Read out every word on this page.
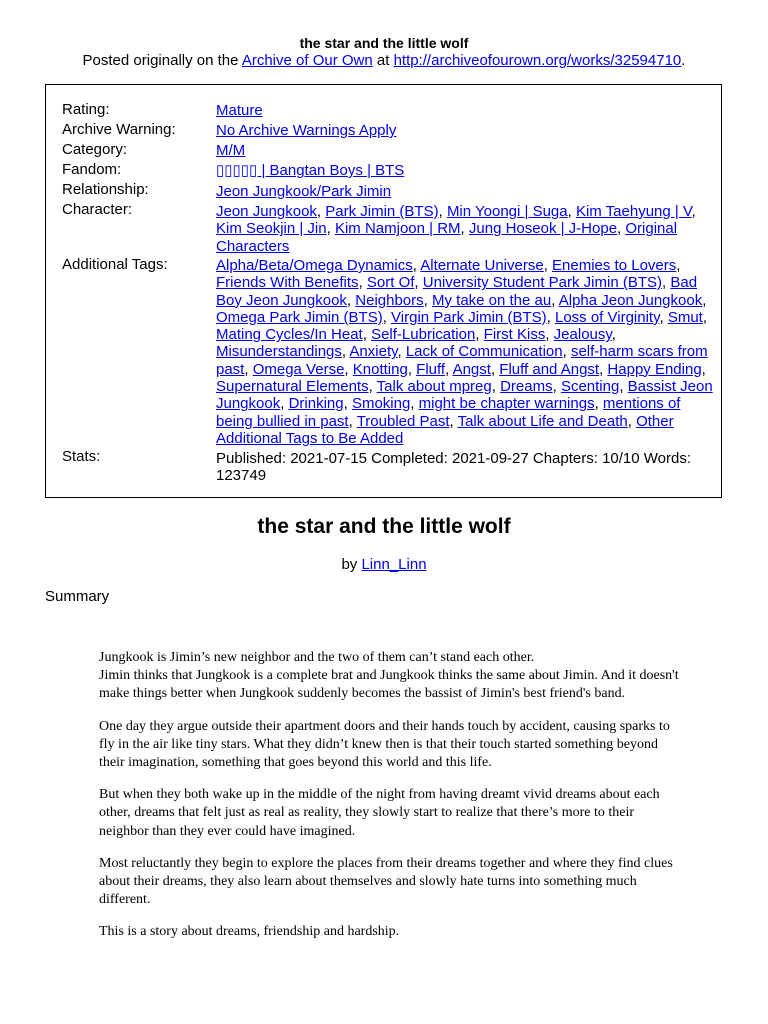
the star and the little wolf
Posted originally on the Archive of Our Own at http://archiveofourown.org/works/32594710.
Rating:	Mature
Archive Warning:	No Archive Warnings Apply
Category:	M/M
Fandom:	▯▯▯▯▯ | Bangtan Boys | BTS
Relationship:	Jeon Jungkook/Park Jimin
Character:	Jeon Jungkook, Park Jimin (BTS), Min Yoongi | Suga, Kim Taehyung | V, Kim Seokjin | Jin, Kim Namjoon | RM, Jung Hoseok | J-Hope, Original Characters
Additional Tags:	Alpha/Beta/Omega Dynamics, Alternate Universe, Enemies to Lovers, Friends With Benefits, Sort Of, University Student Park Jimin (BTS), Bad Boy Jeon Jungkook, Neighbors, My take on the au, Alpha Jeon Jungkook, Omega Park Jimin (BTS), Virgin Park Jimin (BTS), Loss of Virginity, Smut, Mating Cycles/In Heat, Self-Lubrication, First Kiss, Jealousy, Misunderstandings, Anxiety, Lack of Communication, self-harm scars from past, Omega Verse, Knotting, Fluff, Angst, Fluff and Angst, Happy Ending, Supernatural Elements, Talk about mpreg, Dreams, Scenting, Bassist Jeon Jungkook, Drinking, Smoking, might be chapter warnings, mentions of being bullied in past, Troubled Past, Talk about Life and Death, Other Additional Tags to Be Added
Stats:	Published: 2021-07-15 Completed: 2021-09-27 Chapters: 10/10 Words: 123749
the star and the little wolf
by Linn_Linn
Summary

Jungkook is Jimin’s new neighbor and the two of them can’t stand each other.
Jimin thinks that Jungkook is a complete brat and Jungkook thinks the same about Jimin. And it doesn't make things better when Jungkook suddenly becomes the bassist of Jimin's best friend's band.

One day they argue outside their apartment doors and their hands touch by accident, causing sparks to fly in the air like tiny stars. What they didn’t knew then is that their touch started something beyond their imagination, something that goes beyond this world and this life.

But when they both wake up in the middle of the night from having dreamt vivid dreams about each other, dreams that felt just as real as reality, they slowly start to realize that there’s more to their neighbor than they ever could have imagined.

Most reluctantly they begin to explore the places from their dreams together and where they find clues about their dreams, they also learn about themselves and slowly hate turns into something much different.

This is a story about dreams, friendship and hardship.
